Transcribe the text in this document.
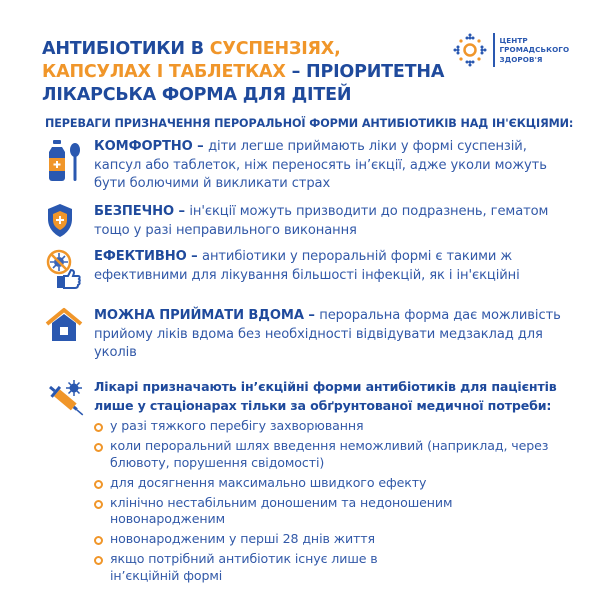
АНТИБІОТИКИ В СУСПЕНЗІЯХ,
КАПСУЛАХ І ТАБЛЕТКАХ – ПРІОРИТЕТНА
ЛІКАРСЬКА ФОРМА ДЛЯ ДІТЕЙ
ЦЕНТР
ГРОМАДСЬКОГО
ЗДОРОВ'Я
ПЕРЕВАГИ ПРИЗНАЧЕННЯ ПЕРОРАЛЬНОЇ ФОРМИ АНТИБІОТИКІВ НАД ІН'ЄКЦІЯМИ:
КОМФОРТНО – діти легше приймають ліки у формі суспензій, капсул або таблеток, ніж переносять ін’єкції, адже уколи можуть бути болючими й викликати страх
БЕЗПЕЧНО – ін'єкції можуть призводити до подразнень, гематом тощо у разі неправильного виконання
ЕФЕКТИВНО – антибіотики у пероральній формі є такими ж ефективними для лікування більшості інфекцій, як і ін'єкційні
МОЖНА ПРИЙМАТИ ВДОМА – пероральна форма дає можливість прийому ліків вдома без необхідності відвідувати медзаклад для уколів
Лікарі призначають ін’єкційні форми антибіотиків для пацієнтів лише у стаціонарах тільки за обґрунтованої медичної потреби:
у разі тяжкого перебігу захворювання
коли пероральний шлях введення неможливий (наприклад, через блювоту, порушення свідомості)
для досягнення максимально швидкого ефекту
клінічно нестабільним доношеним та недоношеним новонародженим
новонародженим у перші 28 днів життя
якщо потрібний антибіотик існує лише в ін’єкційній формі
